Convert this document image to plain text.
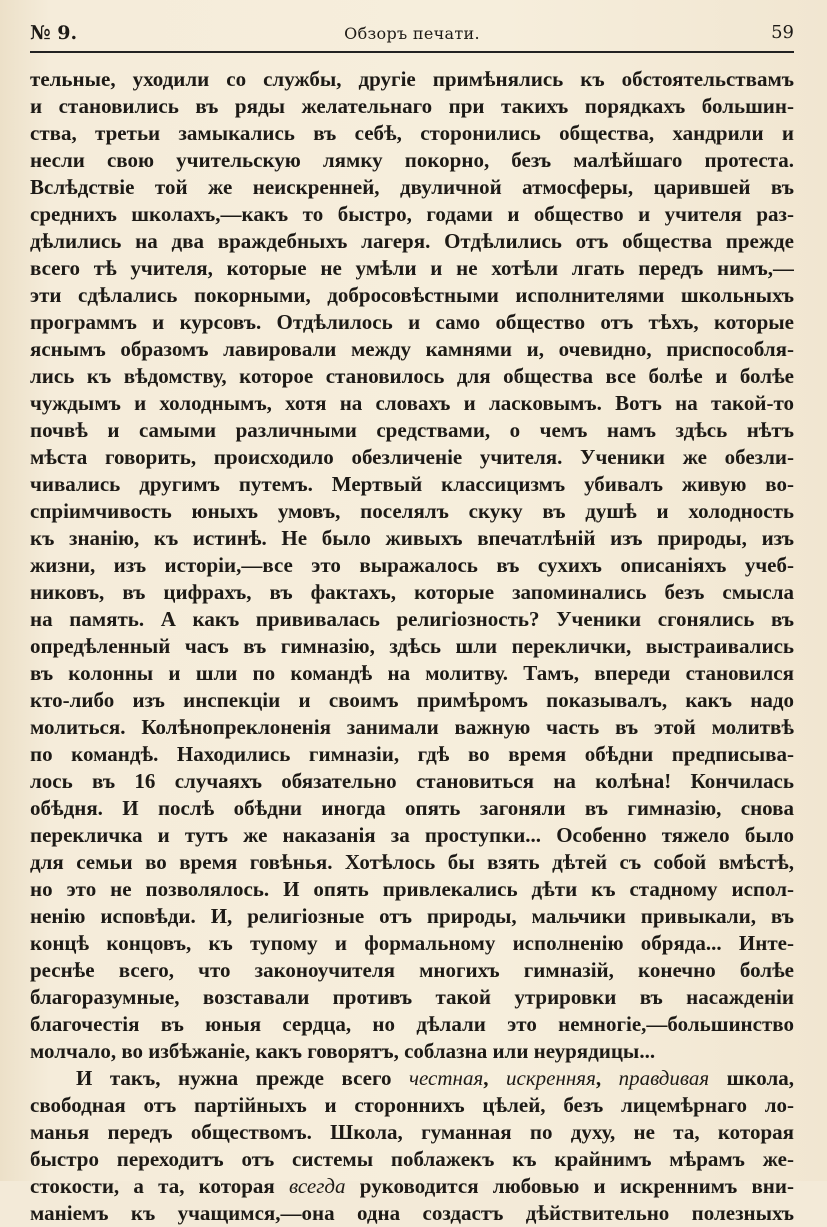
№ 9.	Обзоръ печати.	59
тельные, уходили со службы, другіе примѣнялись къ обстоятельствамъ
и становились въ ряды желательнаго при такихъ порядкахъ большин-
ства, третьи замыкались въ себѣ, сторонились общества, хандрили и
несли свою учительскую лямку покорно, безъ малѣйшаго протеста.
Вслѣдствіе той же неискренней, двуличной атмосферы, царившей въ
среднихъ школахъ,—какъ то быстро, годами и общество и учителя раз-
дѣлились на два враждебныхъ лагеря. Отдѣлились отъ общества прежде
всего тѣ учителя, которые не умѣли и не хотѣли лгать передъ нимъ,—
эти сдѣлались покорными, добросовѣстными исполнителями школьныхъ
программъ и курсовъ. Отдѣлилось и само общество отъ тѣхъ, которые
яснымъ образомъ лавировали между камнями и, очевидно, приспособля-
лись къ вѣдомству, которое становилось для общества все болѣе и болѣе
чуждымъ и холоднымъ, хотя на словахъ и ласковымъ. Вотъ на такой-то
почвѣ и самыми различными средствами, о чемъ намъ здѣсь нѣтъ
мѣста говорить, происходило обезличеніе учителя. Ученики же обезли-
чивались другимъ путемъ. Мертвый классицизмъ убивалъ живую во-
спріимчивость юныхъ умовъ, поселялъ скуку въ душѣ и холодность
къ знанію, къ истинѣ. Не было живыхъ впечатлѣній изъ природы, изъ
жизни, изъ исторіи,—все это выражалось въ сухихъ описаніяхъ учеб-
никовъ, въ цифрахъ, въ фактахъ, которые запоминались безъ смысла
на память. А какъ прививалась религіозность? Ученики сгонялись въ
опредѣленный часъ въ гимназію, здѣсь шли переклички, выстраивались
въ колонны и шли по командѣ на молитву. Тамъ, впереди становился
кто-либо изъ инспекціи и своимъ примѣромъ показывалъ, какъ надо
молиться. Колѣнопреклоненія занимали важную часть въ этой молитвѣ
по командѣ. Находились гимназіи, гдѣ во время обѣдни предписыва-
лось въ 16 случаяхъ обязательно становиться на колѣна! Кончилась
обѣдня. И послѣ обѣдни иногда опять загоняли въ гимназію, снова
перекличка и тутъ же наказанія за проступки... Особенно тяжело было
для семьи во время говѣнья. Хотѣлось бы взять дѣтей съ собой вмѣстѣ,
но это не позволялось. И опять привлекались дѣти къ стадному испол-
ненію исповѣди. И, религіозные отъ природы, мальчики привыкали, въ
концѣ концовъ, къ тупому и формальному исполненію обряда... Инте-
реснѣе всего, что законоучителя многихъ гимназій, конечно болѣе
благоразумные, возставали противъ такой утрировки въ насажденіи
благочестія въ юныя сердца, но дѣлали это немногіе,—большинство
молчало, во избѣжаніе, какъ говорятъ, соблазна или неурядицы...
И такъ, нужна прежде всего честная, искренняя, правдивая школа,
свободная отъ партійныхъ и стороннихъ цѣлей, безъ лицемѣрнаго ло-
манья передъ обществомъ. Школа, гуманная по духу, не та, которая
быстро переходитъ отъ системы поблажекъ къ крайнимъ мѣрамъ же-
стокости, а та, которая всегда руководится любовью и искреннимъ вни-
маніемъ къ учащимся,—она одна создастъ дѣйствительно полезныхъ
